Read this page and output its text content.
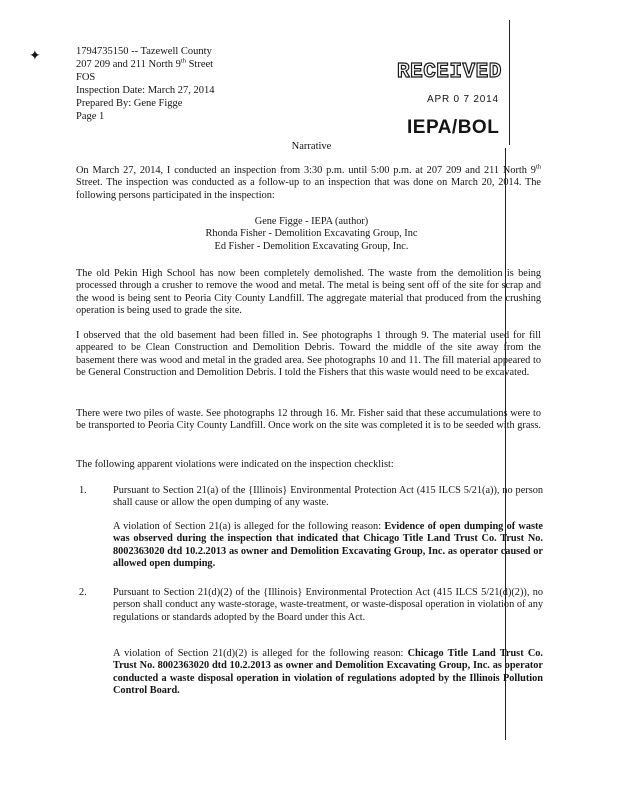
✦	1794735150 -- Tazewell County
207 209 and 211 North 9th Street
FOS
Inspection Date: March 27, 2014
Prepared By: Gene Figge
Page 1
RECEIVED
APR 0 7 2014
IEPA/BOL
Narrative

On March 27, 2014, I conducted an inspection from 3:30 p.m. until 5:00 p.m. at 207 209 and 211 North 9th Street. The inspection was conducted as a follow-up to an inspection that was done on March 20, 2014. The following persons participated in the inspection:

Gene Figge - IEPA (author)
Rhonda Fisher - Demolition Excavating Group, Inc
Ed Fisher - Demolition Excavating Group, Inc.

The old Pekin High School has now been completely demolished. The waste from the demolition is being processed through a crusher to remove the wood and metal. The metal is being sent off of the site for scrap and the wood is being sent to Peoria City County Landfill. The aggregate material that produced from the crushing operation is being used to grade the site.

I observed that the old basement had been filled in. See photographs 1 through 9. The material used for fill appeared to be Clean Construction and Demolition Debris. Toward the middle of the site away from the basement there was wood and metal in the graded area. See photographs 10 and 11. The fill material appeared to be General Construction and Demolition Debris. I told the Fishers that this waste would need to be excavated.

There were two piles of waste. See photographs 12 through 16. Mr. Fisher said that these accumulations were to be transported to Peoria City County Landfill. Once work on the site was completed it is to be seeded with grass.

The following apparent violations were indicated on the inspection checklist:

1.	Pursuant to Section 21(a) of the {Illinois} Environmental Protection Act (415 ILCS 5/21(a)), no person shall cause or allow the open dumping of any waste.

A violation of Section 21(a) is alleged for the following reason: Evidence of open dumping of waste was observed during the inspection that indicated that Chicago Title Land Trust Co. Trust No. 8002363020 dtd 10.2.2013 as owner and Demolition Excavating Group, Inc. as operator caused or allowed open dumping.

2.	Pursuant to Section 21(d)(2) of the {Illinois} Environmental Protection Act (415 ILCS 5/21(d)(2)), no person shall conduct any waste-storage, waste-treatment, or waste-disposal operation in violation of any regulations or standards adopted by the Board under this Act.

A violation of Section 21(d)(2) is alleged for the following reason: Chicago Title Land Trust Co. Trust No. 8002363020 dtd 10.2.2013 as owner and Demolition Excavating Group, Inc. as operator conducted a waste disposal operation in violation of regulations adopted by the Illinois Pollution Control Board.
